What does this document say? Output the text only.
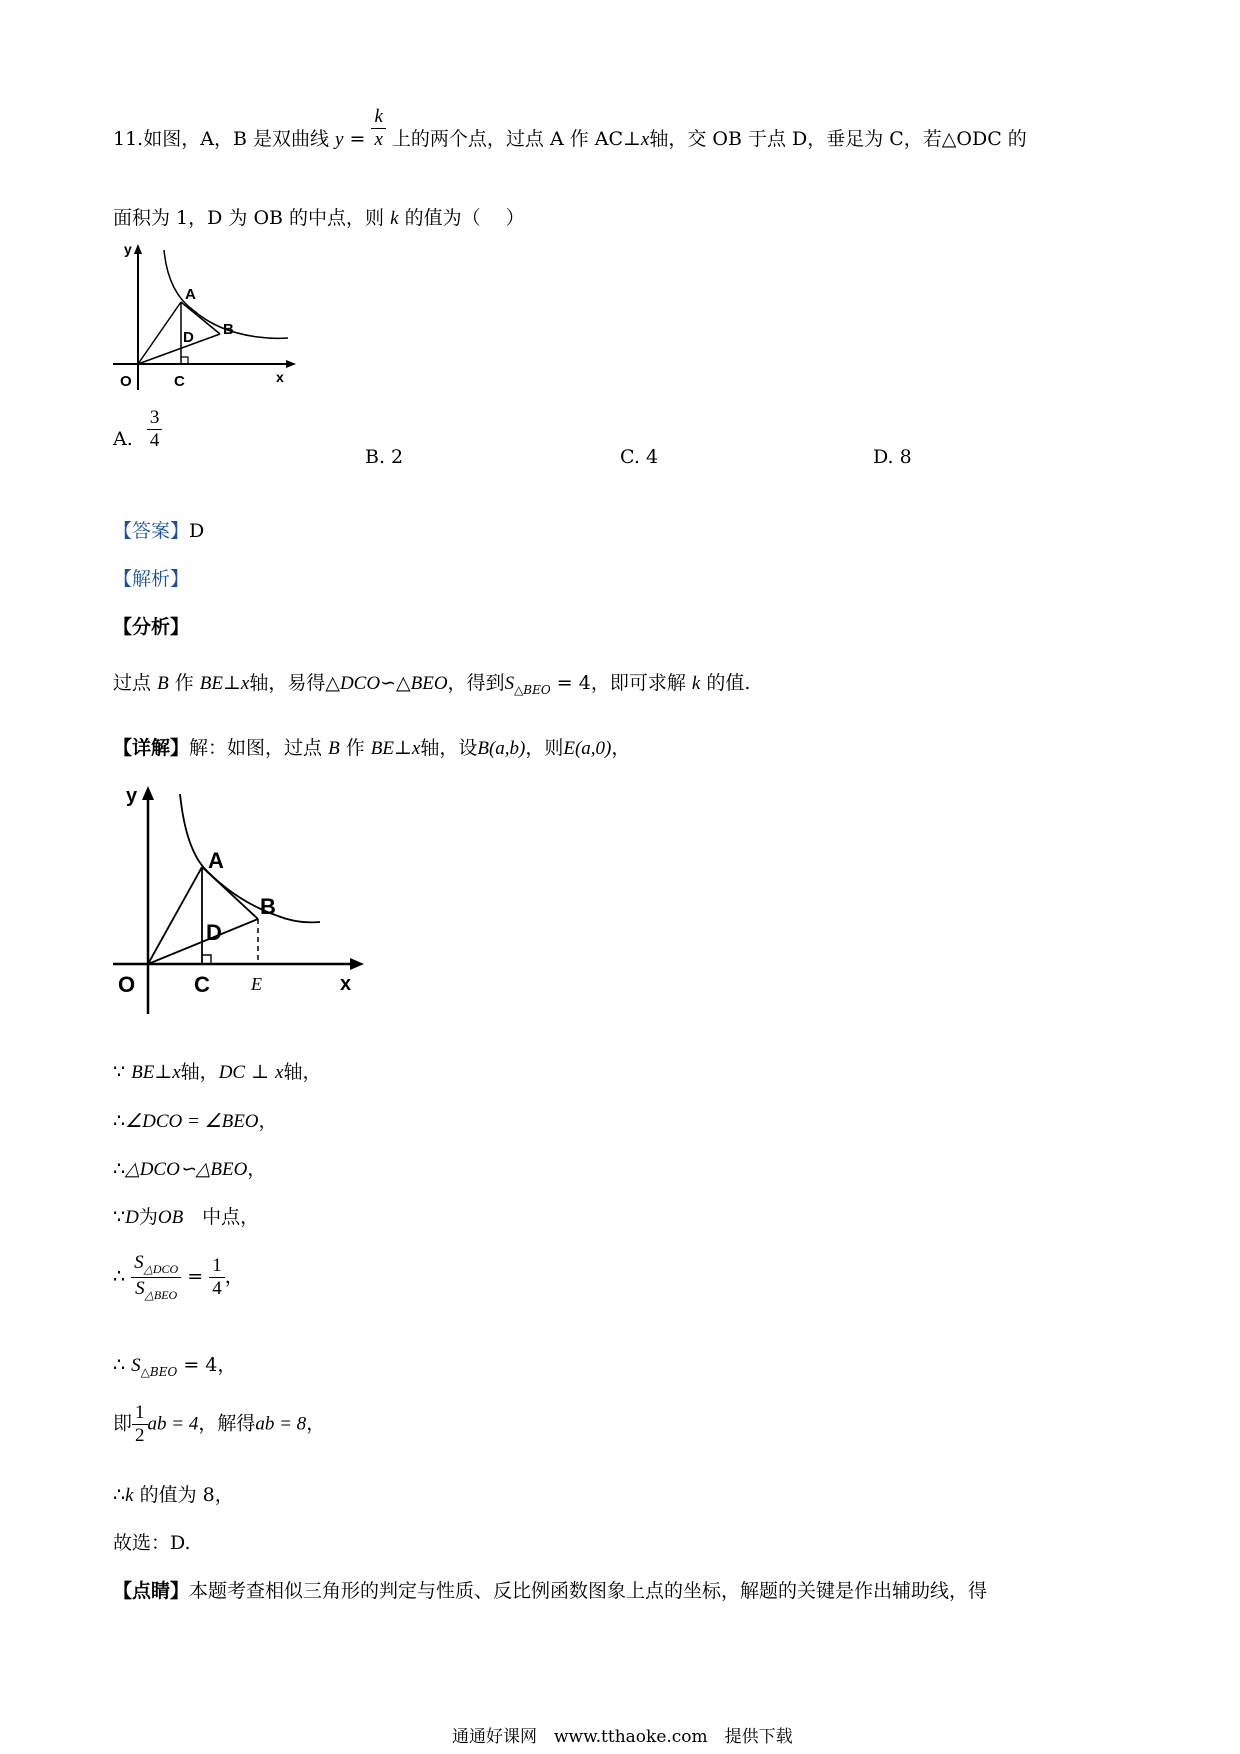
11.如图，A，B 是双曲线 $y = \frac{k}{x}$ 上的两个点，过点 A 作 AC⊥x轴，交 OB 于点 D，垂足为 C，若△ODC 的
面积为 1，D 为 OB 的中点，则 k 的值为（　 ）
y
x
A
B
D
O	C
A. $\frac{3}{4}$
B. 2	C. 4	D. 8
【答案】D
【解析】
【分析】
过点 B 作 BE⊥x轴，易得△DCO∽△BEO，得到$S_{\triangle BEO} = 4$，即可求解 k 的值.
【详解】解：如图，过点 B 作 BE⊥x轴，设B(a,b)，则E(a,0)，
y
x
A
B
D
O	C E
∵ BE⊥x轴，DC ⊥ x轴，
∴∠DCO = ∠BEO，
∴△DCO∽△BEO，
∵D为OB　中点，
∴ $\frac{S_{\triangle DCO}}{S_{\triangle BEO}} = \frac{1}{4}$ ，
∴ $S_{\triangle BEO} = 4$，
即 $\frac{1}{2}$ ab = 4，解得ab = 8，
∴k 的值为 8，
故选：D.
【点睛】本题考查相似三角形的判定与性质、反比例函数图象上点的坐标，解题的关键是作出辅助线，得
通通好课网　www.tthaoke.com　提供下载
